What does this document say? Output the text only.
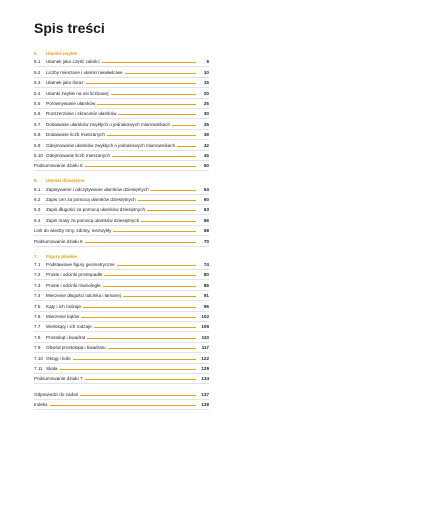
Spis treści
5.	Ułamki zwykłe
5.1	Ułamek jako część całości	6
5.2	Liczby mieszane i ułamki niewłaściwe	10
5.3	Ułamek jako iloraz	15
5.4	Ułamki zwykłe na osi liczbowej	20
5.5	Porównywanie ułamków	25
5.6	Rozszerzanie i skracanie ułamków	30
5.7	Dodawanie ułamków zwykłych o jednakowych mianownikach	35
5.8	Dodawanie liczb mieszanych	39
5.9	Odejmowanie ułamków zwykłych o jednakowych mianownikach	42
5.10 Odejmowanie liczb mieszanych	45
Podsumowanie działu 5	50
6.	Ułamki dziesiętne
6.1	Zapisywanie i odczytywanie ułamków dziesiętnych	54
6.2	Zapis cen za pomocą ułamków dziesiętnych	60
6.3	Zapis długości za pomocą ułamków dziesiętnych	63
6.4	Zapis masy za pomocą ułamków dziesiętnych	66
Link do wiedzy Inny, zdolny, niezwykły	68
Podsumowanie działu 6	70
7.	Figury płaskie
7.1	Podstawowe figury geometryczne	74
7.2	Proste i odcinki prostopadłe	80
7.3	Proste i odcinki równoległe	86
7.4	Mierzenie długości odcinka i łamanej	91
7.5	Kąty i ich rodzaje	96
7.6	Mierzenie kątów	102
7.7	Wielokąty i ich rodzaje	106
7.8	Prostokąt i kwadrat	110
7.9	Obwód prostokąta i kwadratu	117
7.10 Okrąg i koło	122
7.11 Skala	129
Podsumowanie działu 7	134
Odpowiedzi do zadań	137
Indeks	139
